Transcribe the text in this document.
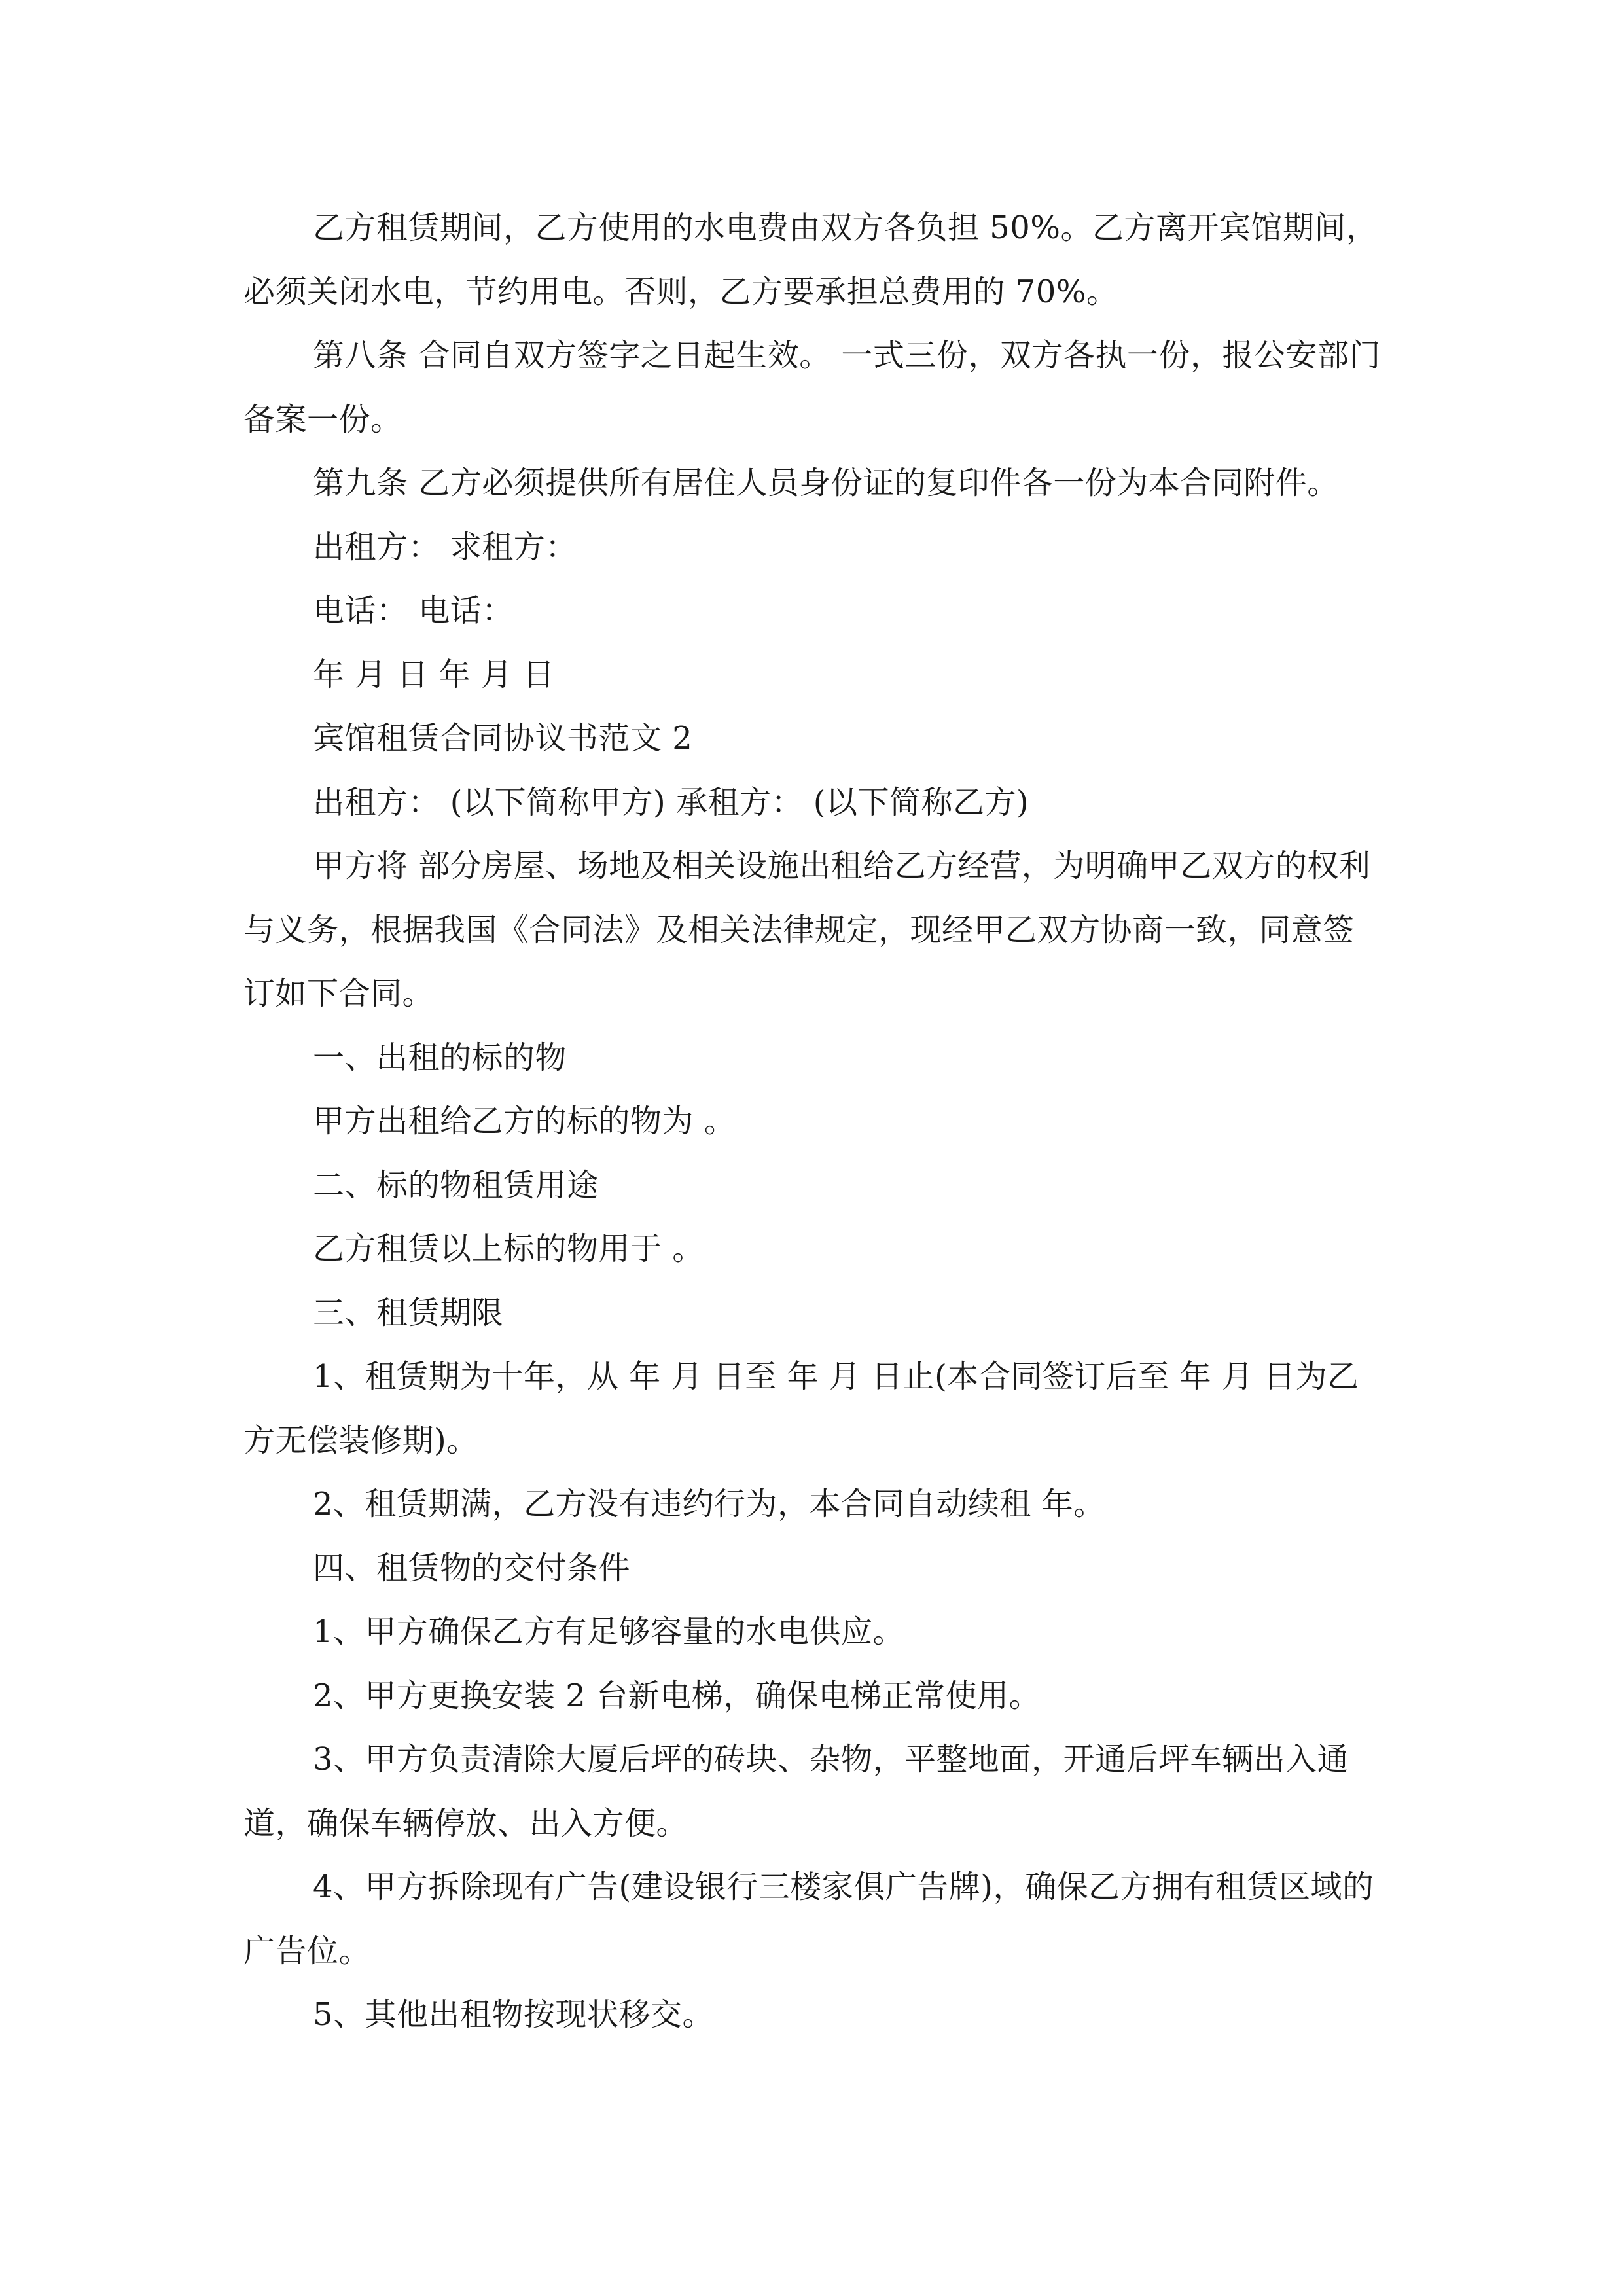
乙方租赁期间，乙方使用的水电费由双方各负担 50%。乙方离开宾馆期间，必须关闭水电，节约用电。否则，乙方要承担总费用的 70%。

第八条 合同自双方签字之日起生效。 一式三份，双方各执一份，报公安部门备案一份。

第九条 乙方必须提供所有居住人员身份证的复印件各一份为本合同附件。

出租方： 求租方：

电话： 电话：

年 月 日 年 月 日

宾馆租赁合同协议书范文 2

出租方： (以下简称甲方) 承租方： (以下简称乙方)

甲方将 部分房屋、场地及相关设施出租给乙方经营，为明确甲乙双方的权利与义务，根据我国《合同法》及相关法律规定，现经甲乙双方协商一致，同意签订如下合同。

一、出租的标的物

甲方出租给乙方的标的物为 。

二、标的物租赁用途

乙方租赁以上标的物用于 。

三、租赁期限

1、租赁期为十年，从 年 月 日至 年 月 日止(本合同签订后至 年 月 日为乙方无偿装修期)。

2、租赁期满，乙方没有违约行为，本合同自动续租 年。

四、租赁物的交付条件

1、甲方确保乙方有足够容量的水电供应。

2、甲方更换安装 2 台新电梯，确保电梯正常使用。

3、甲方负责清除大厦后坪的砖块、杂物，平整地面，开通后坪车辆出入通道，确保车辆停放、出入方便。

4、甲方拆除现有广告(建设银行三楼家俱广告牌)，确保乙方拥有租赁区域的广告位。

5、其他出租物按现状移交。
